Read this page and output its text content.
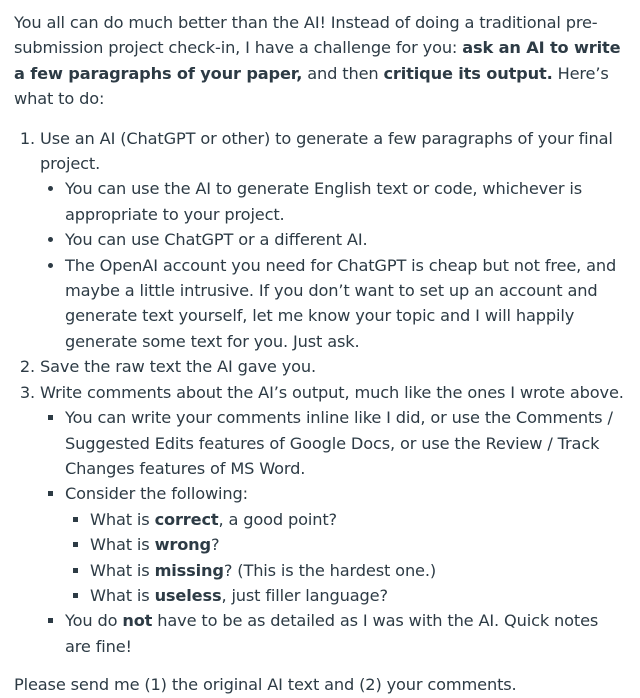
You all can do much better than the AI! Instead of doing a traditional pre-submission project check-in, I have a challenge for you: ask an AI to write a few paragraphs of your paper, and then critique its output. Here’s what to do:

1. Use an AI (ChatGPT or other) to generate a few paragraphs of your final project.
• You can use the AI to generate English text or code, whichever is appropriate to your project.
• You can use ChatGPT or a different AI.
• The OpenAI account you need for ChatGPT is cheap but not free, and maybe a little intrusive. If you don’t want to set up an account and generate text yourself, let me know your topic and I will happily generate some text for you. Just ask.
2. Save the raw text the AI gave you.
3. Write comments about the AI’s output, much like the ones I wrote above.
▪ You can write your comments inline like I did, or use the Comments / Suggested Edits features of Google Docs, or use the Review / Track Changes features of MS Word.
▪ Consider the following:
▪ What is correct, a good point?
▪ What is wrong?
▪ What is missing? (This is the hardest one.)
▪ What is useless, just filler language?
▪ You do not have to be as detailed as I was with the AI. Quick notes are fine!

Please send me (1) the original AI text and (2) your comments.
